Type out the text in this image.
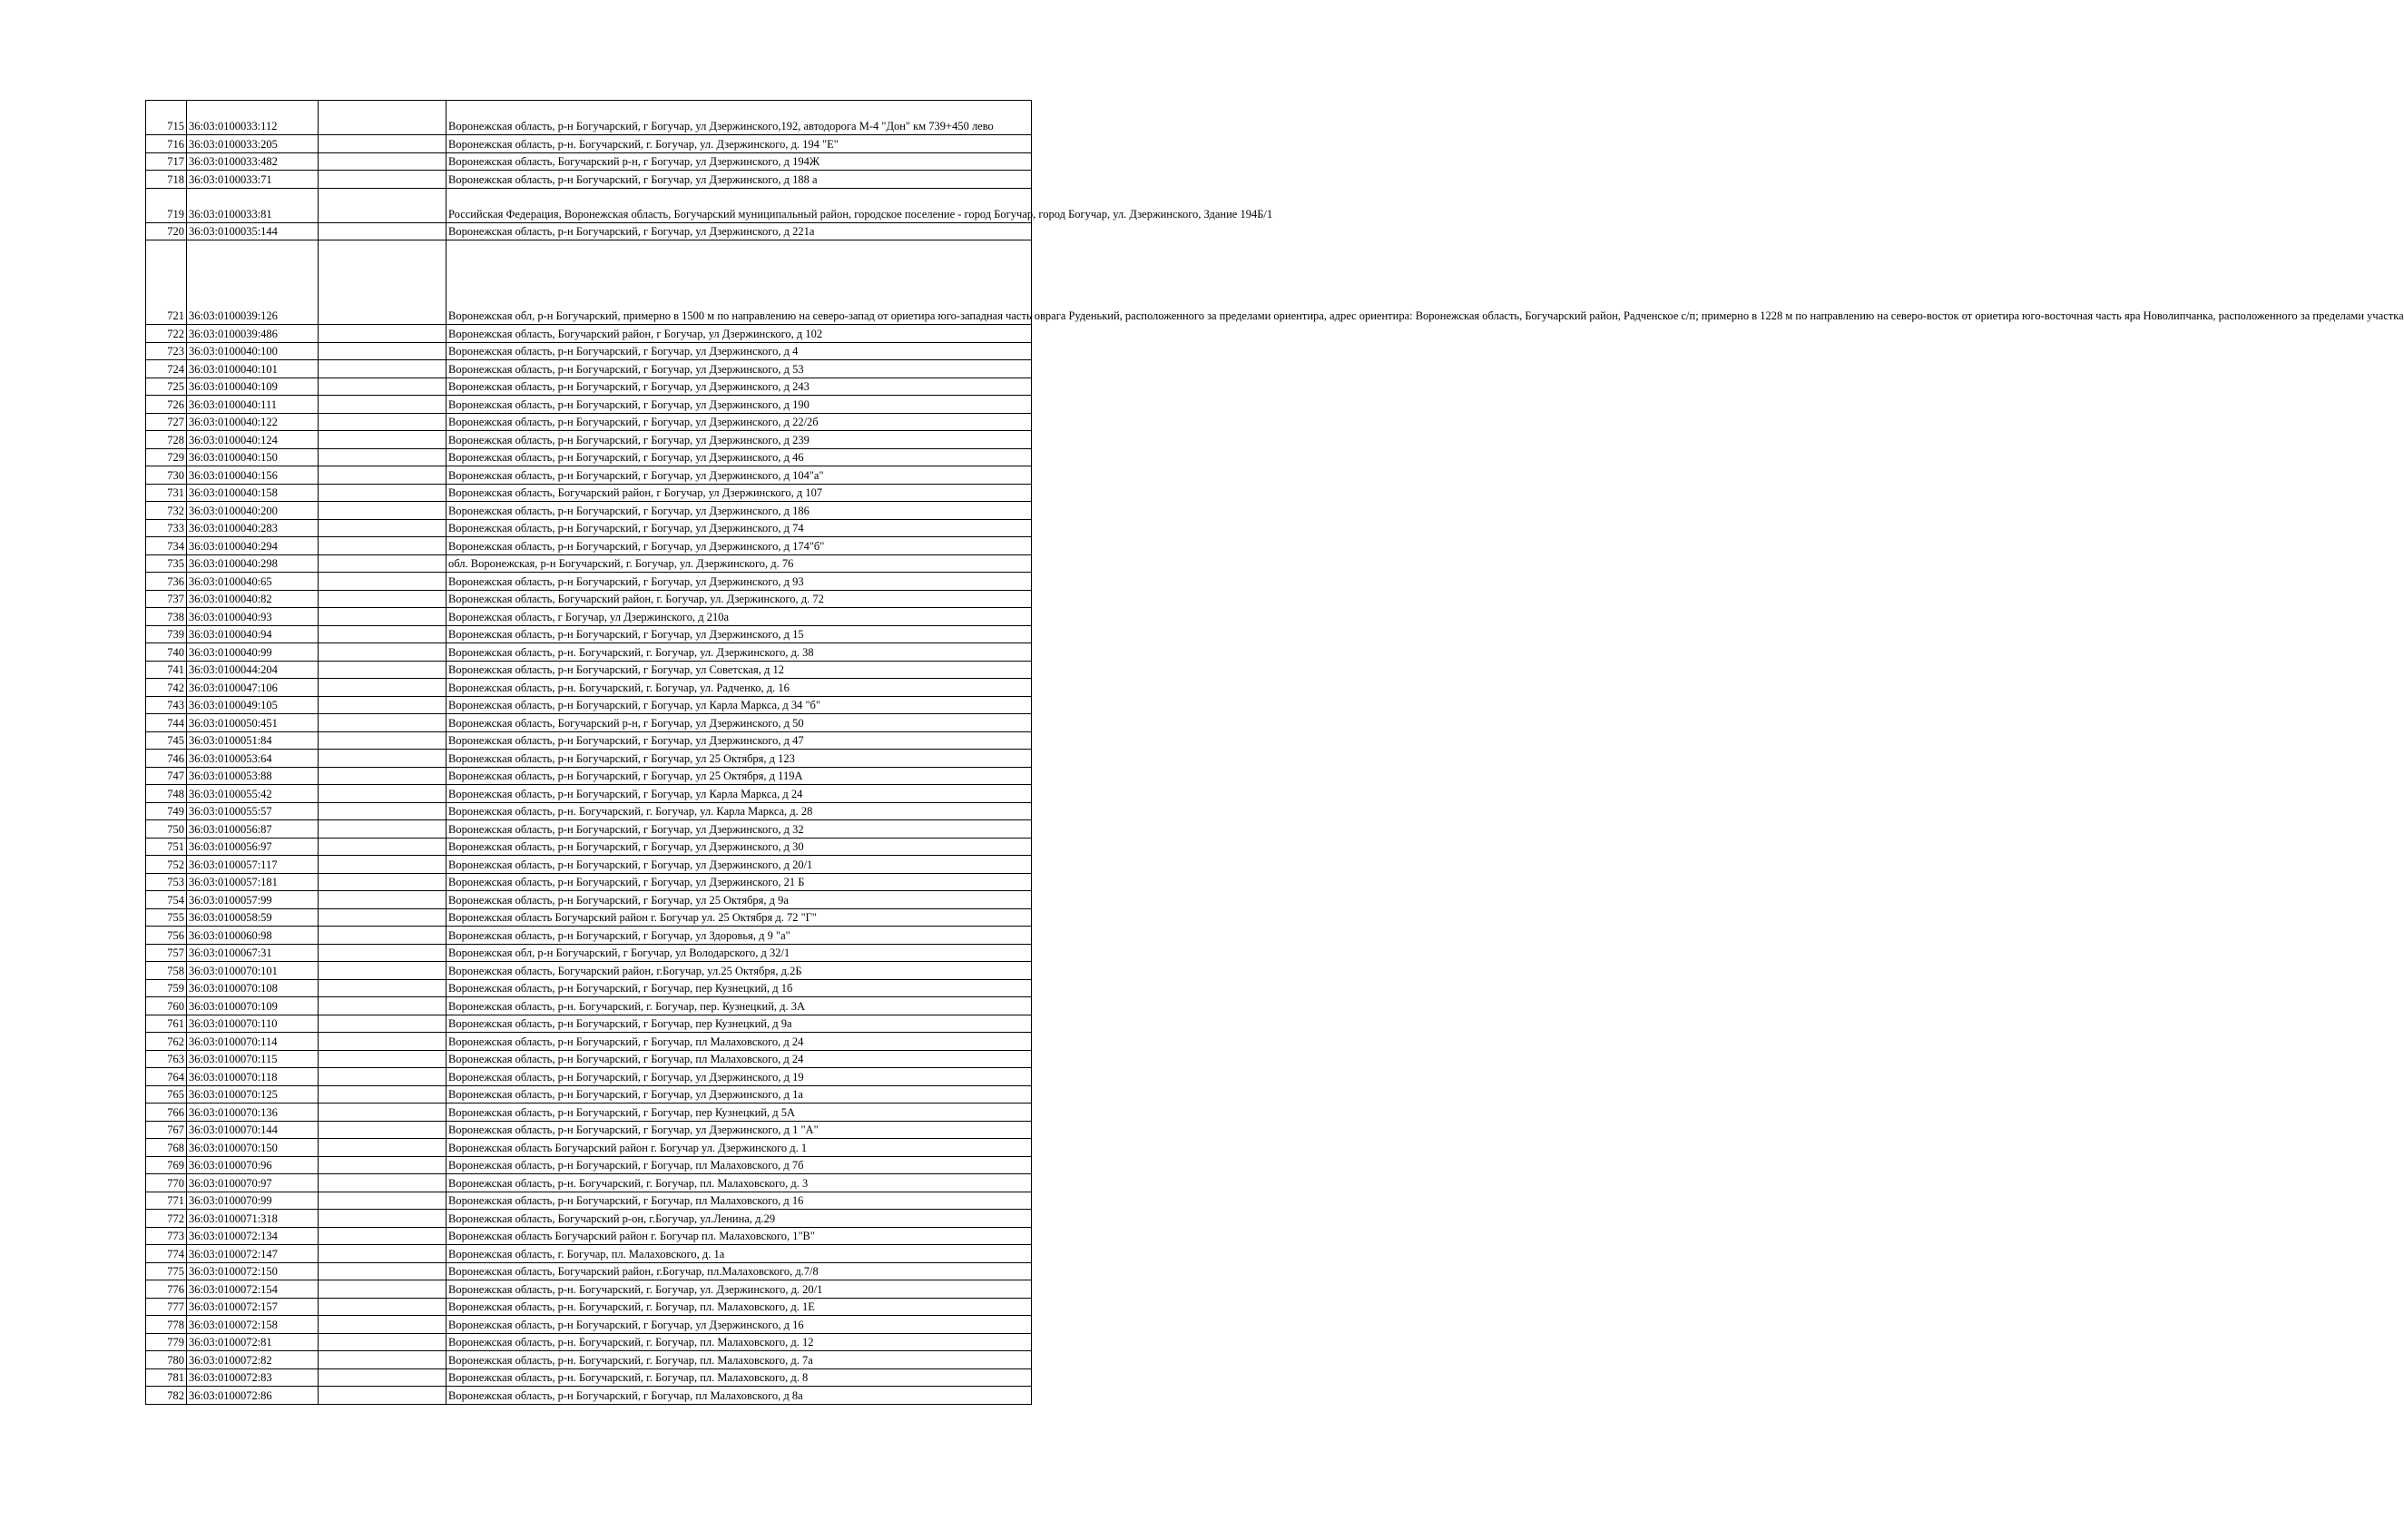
715	36:03:0100033:112		Воронежская область, р-н Богучарский, г Богучар, ул Дзержинского,192, автодорога М-4 "Дон" км 739+450 лево
716	36:03:0100033:205		Воронежская область, р-н. Богучарский, г. Богучар, ул. Дзержинского, д. 194 "Е"
717	36:03:0100033:482		Воронежская область, Богучарский р-н, г Богучар, ул Дзержинского, д 194Ж
718	36:03:0100033:71		Воронежская область, р-н Богучарский, г Богучар, ул Дзержинского, д 188 а
719	36:03:0100033:81		Российская Федерация, Воронежская область, Богучарский муниципальный район, городское поселение - город Богучар, город Богучар, ул. Дзержинского, Здание 194Б/1
720	36:03:0100035:144		Воронежская область, р-н Богучарский, г Богучар, ул Дзержинского, д 221а
721	36:03:0100039:126		Воронежская обл, р-н Богучарский, примерно в 1500 м по направлению на северо-запад от ориетира юго-западная часть оврага Руденький, расположенного за пределами ориентира, адрес ориентира: Воронежская область, Богучарский район, Радченское с/п; примерно в 1228 м по направлению на северо-восток от ориетира юго-восточная часть яра Новолипчанка, расположенного за пределами участка
722	36:03:0100039:486		Воронежская область, Богучарский район, г Богучар, ул Дзержинского, д 102
723	36:03:0100040:100		Воронежская область, р-н Богучарский, г Богучар, ул Дзержинского, д 4
724	36:03:0100040:101		Воронежская область, р-н Богучарский, г Богучар, ул Дзержинского, д 53
725	36:03:0100040:109		Воронежская область, р-н Богучарский, г Богучар, ул Дзержинского, д 243
726	36:03:0100040:111		Воронежская область, р-н Богучарский, г Богучар, ул Дзержинского, д 190
727	36:03:0100040:122		Воронежская область, р-н Богучарский, г Богучар, ул Дзержинского, д 22/2б
728	36:03:0100040:124		Воронежская область, р-н Богучарский, г Богучар, ул Дзержинского, д 239
729	36:03:0100040:150		Воронежская область, р-н Богучарский, г Богучар, ул Дзержинского, д 46
730	36:03:0100040:156		Воронежская область, р-н Богучарский, г Богучар, ул Дзержинского, д 104"а"
731	36:03:0100040:158		Воронежская область, Богучарский район, г Богучар, ул Дзержинского, д 107
732	36:03:0100040:200		Воронежская область, р-н Богучарский, г Богучар, ул Дзержинского, д 186
733	36:03:0100040:283		Воронежская область, р-н Богучарский, г Богучар, ул Дзержинского, д 74
734	36:03:0100040:294		Воронежская область, р-н Богучарский, г Богучар, ул Дзержинского, д 174"б"
735	36:03:0100040:298		обл. Воронежская, р-н Богучарский, г. Богучар, ул. Дзержинского, д. 76
736	36:03:0100040:65		Воронежская область, р-н Богучарский, г Богучар, ул Дзержинского, д 93
737	36:03:0100040:82		Воронежская область, Богучарский район, г. Богучар, ул. Дзержинского, д. 72
738	36:03:0100040:93		Воронежская область, г Богучар, ул Дзержинского, д 210а
739	36:03:0100040:94		Воронежская область, р-н Богучарский, г Богучар, ул Дзержинского, д 15
740	36:03:0100040:99		Воронежская область, р-н. Богучарский, г. Богучар, ул. Дзержинского, д. 38
741	36:03:0100044:204		Воронежская область, р-н Богучарский, г Богучар, ул Советская, д 12
742	36:03:0100047:106		Воронежская область, р-н. Богучарский, г. Богучар, ул. Радченко, д. 16
743	36:03:0100049:105		Воронежская область, р-н Богучарский, г Богучар, ул Карла Маркса, д 34 "б"
744	36:03:0100050:451		Воронежская область, Богучарский р-н, г Богучар, ул Дзержинского, д 50
745	36:03:0100051:84		Воронежская область, р-н Богучарский, г Богучар, ул Дзержинского, д 47
746	36:03:0100053:64		Воронежская область, р-н Богучарский, г Богучар, ул 25 Октября, д 123
747	36:03:0100053:88		Воронежская область, р-н Богучарский, г Богучар, ул 25 Октября, д 119А
748	36:03:0100055:42		Воронежская область, р-н Богучарский, г Богучар, ул Карла Маркса, д 24
749	36:03:0100055:57		Воронежская область, р-н. Богучарский, г. Богучар, ул. Карла Маркса, д. 28
750	36:03:0100056:87		Воронежская область, р-н Богучарский, г Богучар, ул Дзержинского, д 32
751	36:03:0100056:97		Воронежская область, р-н Богучарский, г Богучар, ул Дзержинского, д 30
752	36:03:0100057:117		Воронежская область, р-н Богучарский, г Богучар, ул Дзержинского, д 20/1
753	36:03:0100057:181		Воронежская область, р-н Богучарский, г Богучар, ул Дзержинского, 21 Б
754	36:03:0100057:99		Воронежская область, р-н Богучарский, г Богучар, ул 25 Октября, д 9а
755	36:03:0100058:59		Воронежская область Богучарский район г. Богучар ул. 25 Октября д. 72 "Г"
756	36:03:0100060:98		Воронежская область, р-н Богучарский, г Богучар, ул Здоровья, д 9 "а"
757	36:03:0100067:31		Воронежская обл, р-н Богучарский, г Богучар, ул Володарского, д 32/1
758	36:03:0100070:101		Воронежская область, Богучарский район, г.Богучар, ул.25 Октября, д.2Б
759	36:03:0100070:108		Воронежская область, р-н Богучарский, г Богучар, пер Кузнецкий, д 1б
760	36:03:0100070:109		Воронежская область, р-н. Богучарский, г. Богучар, пер. Кузнецкий, д. 3А
761	36:03:0100070:110		Воронежская область, р-н Богучарский, г Богучар, пер Кузнецкий, д 9а
762	36:03:0100070:114		Воронежская область, р-н Богучарский, г Богучар, пл Малаховского, д 24
763	36:03:0100070:115		Воронежская область, р-н Богучарский, г Богучар, пл Малаховского, д 24
764	36:03:0100070:118		Воронежская область, р-н Богучарский, г Богучар, ул Дзержинского, д 19
765	36:03:0100070:125		Воронежская область, р-н Богучарский, г Богучар, ул Дзержинского, д 1а
766	36:03:0100070:136		Воронежская область, р-н Богучарский, г Богучар, пер Кузнецкий, д 5А
767	36:03:0100070:144		Воронежская область, р-н Богучарский, г Богучар, ул Дзержинского, д 1 "А"
768	36:03:0100070:150		Воронежская область Богучарский район г. Богучар ул. Дзержинского д. 1
769	36:03:0100070:96		Воронежская область, р-н Богучарский, г Богучар, пл Малаховского, д 7б
770	36:03:0100070:97		Воронежская область, р-н. Богучарский, г. Богучар, пл. Малаховского, д. 3
771	36:03:0100070:99		Воронежская область, р-н Богучарский, г Богучар, пл Малаховского, д 16
772	36:03:0100071:318		Воронежская область, Богучарский р-он, г.Богучар, ул.Ленина, д.29
773	36:03:0100072:134		Воронежская область Богучарский район г. Богучар пл. Малаховского, 1"В"
774	36:03:0100072:147		Воронежская область, г. Богучар, пл. Малаховского, д. 1а
775	36:03:0100072:150		Воронежская область, Богучарский район, г.Богучар, пл.Малаховского, д.7/8
776	36:03:0100072:154		Воронежская область, р-н. Богучарский, г. Богучар, ул. Дзержинского, д. 20/1
777	36:03:0100072:157		Воронежская область, р-н. Богучарский, г. Богучар, пл. Малаховского, д. 1Е
778	36:03:0100072:158		Воронежская область, р-н Богучарский, г Богучар, ул Дзержинского, д 16
779	36:03:0100072:81		Воронежская область, р-н. Богучарский, г. Богучар, пл. Малаховского, д. 12
780	36:03:0100072:82		Воронежская область, р-н. Богучарский, г. Богучар, пл. Малаховского, д. 7а
781	36:03:0100072:83		Воронежская область, р-н. Богучарский, г. Богучар, пл. Малаховского, д. 8
782	36:03:0100072:86		Воронежская область, р-н Богучарский, г Богучар, пл Малаховского, д 8а
